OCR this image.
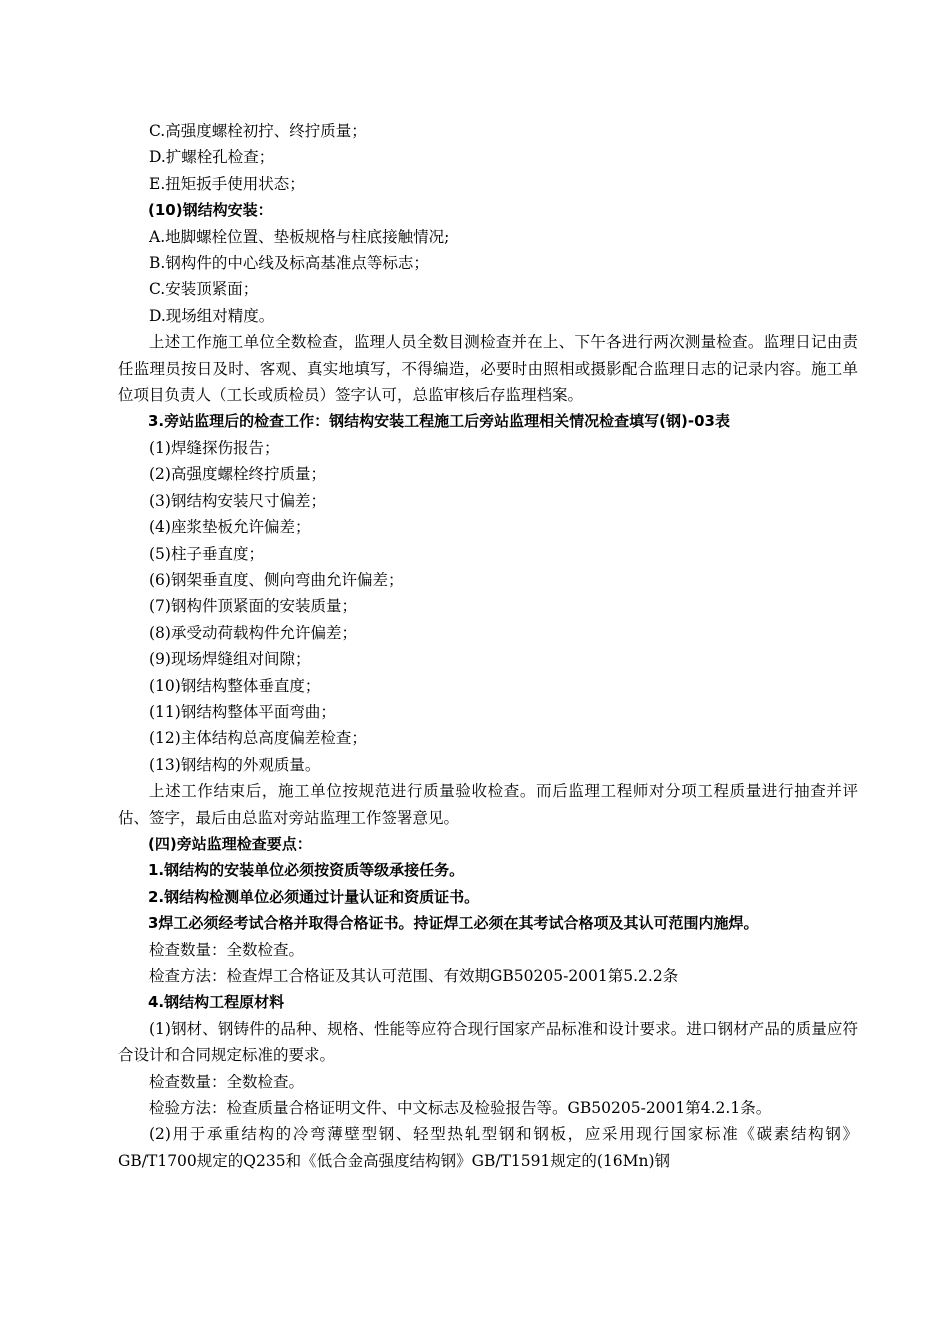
C.高强度螺栓初拧、终拧质量；

D.扩螺栓孔检查；

E.扭矩扳手使用状态；

(10)钢结构安装：

A.地脚螺栓位置、垫板规格与柱底接触情况;

B.钢构件的中心线及标高基准点等标志；

C.安装顶紧面；

D.现场组对精度。

上述工作施工单位全数检查，监理人员全数目测检查并在上、下午各进行两次测量检查。监理日记由责任监理员按日及时、客观、真实地填写，不得编造，必要时由照相或摄影配合监理日志的记录内容。施工单位项目负责人（工长或质检员）签字认可，总监审核后存监理档案。

3.旁站监理后的检查工作：钢结构安装工程施工后旁站监理相关情况检查填写(钢)-03表

(1)焊缝探伤报告；

(2)高强度螺栓终拧质量；

(3)钢结构安装尺寸偏差；

(4)座浆垫板允许偏差；

(5)柱子垂直度；

(6)钢架垂直度、侧向弯曲允许偏差；

(7)钢构件顶紧面的安装质量；

(8)承受动荷载构件允许偏差；

(9)现场焊缝组对间隙；

(10)钢结构整体垂直度；

(11)钢结构整体平面弯曲；

(12)主体结构总高度偏差检查；

(13)钢结构的外观质量。

上述工作结束后，施工单位按规范进行质量验收检查。而后监理工程师对分项工程质量进行抽查并评估、签字，最后由总监对旁站监理工作签署意见。

(四)旁站监理检查要点：

1.钢结构的安装单位必须按资质等级承接任务。

2.钢结构检测单位必须通过计量认证和资质证书。

3焊工必须经考试合格并取得合格证书。持证焊工必须在其考试合格项及其认可范围内施焊。

检查数量：全数检查。

检查方法：检查焊工合格证及其认可范围、有效期GB50205-2001第5.2.2条

4.钢结构工程原材料

(1)钢材、钢铸件的品种、规格、性能等应符合现行国家产品标准和设计要求。进口钢材产品的质量应符合设计和合同规定标准的要求。

检查数量：全数检查。

检验方法：检查质量合格证明文件、中文标志及检验报告等。GB50205-2001第4.2.1条。

(2)用于承重结构的冷弯薄壁型钢、轻型热轧型钢和钢板，应采用现行国家标准《碳素结构钢》GB/T1700规定的Q235和《低合金高强度结构钢》GB/T1591规定的(16Mn)钢
